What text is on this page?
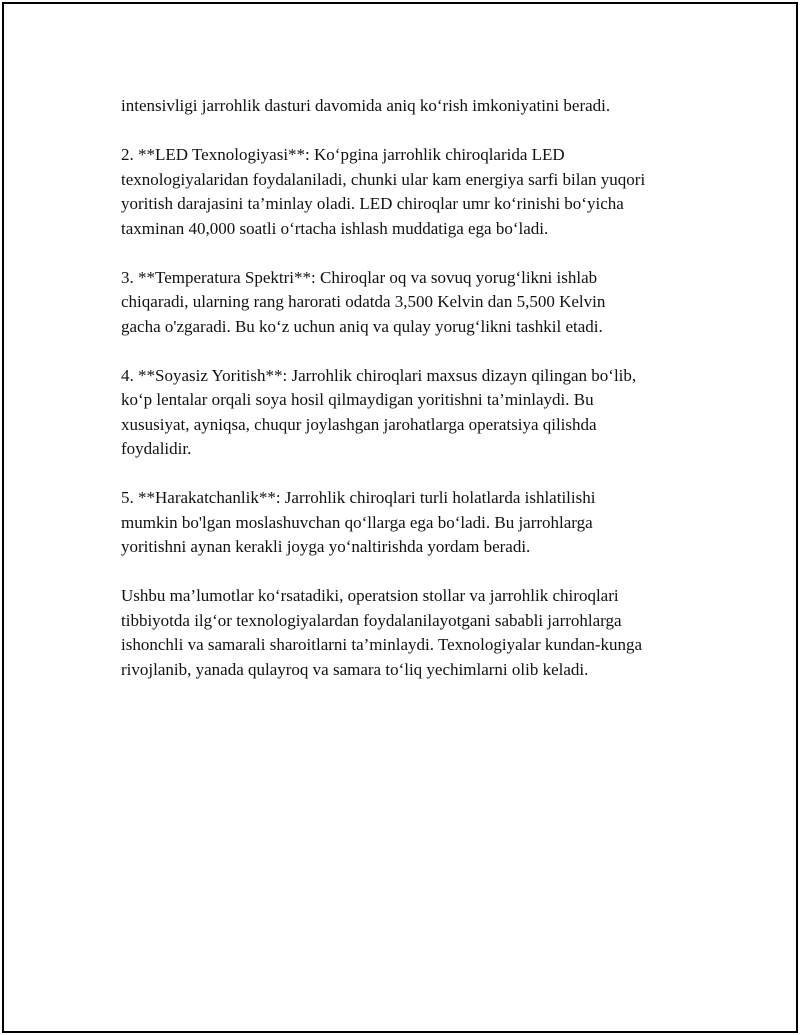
intensivligi jarrohlik dasturi davomida aniq ko‘rish imkoniyatini beradi.

2. **LED Texnologiyasi**: Ko‘pgina jarrohlik chiroqlarida LED
texnologiyalaridan foydalaniladi, chunki ular kam energiya sarfi bilan yuqori
yoritish darajasini ta’minlay oladi. LED chiroqlar umr ko‘rinishi bo‘yicha
taxminan 40,000 soatli o‘rtacha ishlash muddatiga ega bo‘ladi.

3. **Temperatura Spektri**: Chiroqlar oq va sovuq yorug‘likni ishlab
chiqaradi, ularning rang harorati odatda 3,500 Kelvin dan 5,500 Kelvin
gacha o'zgaradi. Bu ko‘z uchun aniq va qulay yorug‘likni tashkil etadi.

4. **Soyasiz Yoritish**: Jarrohlik chiroqlari maxsus dizayn qilingan bo‘lib,
ko‘p lentalar orqali soya hosil qilmaydigan yoritishni ta’minlaydi. Bu
xususiyat, ayniqsa, chuqur joylashgan jarohatlarga operatsiya qilishda
foydalidir.

5. **Harakatchanlik**: Jarrohlik chiroqlari turli holatlarda ishlatilishi
mumkin bo'lgan moslashuvchan qo‘llarga ega bo‘ladi. Bu jarrohlarga
yoritishni aynan kerakli joyga yo‘naltirishda yordam beradi.

Ushbu ma’lumotlar ko‘rsatadiki, operatsion stollar va jarrohlik chiroqlari
tibbiyotda ilg‘or texnologiyalardan foydalanilayotgani sababli jarrohlarga
ishonchli va samarali sharoitlarni ta’minlaydi. Texnologiyalar kundan-kunga
rivojlanib, yanada qulayroq va samara to‘liq yechimlarni olib keladi.
